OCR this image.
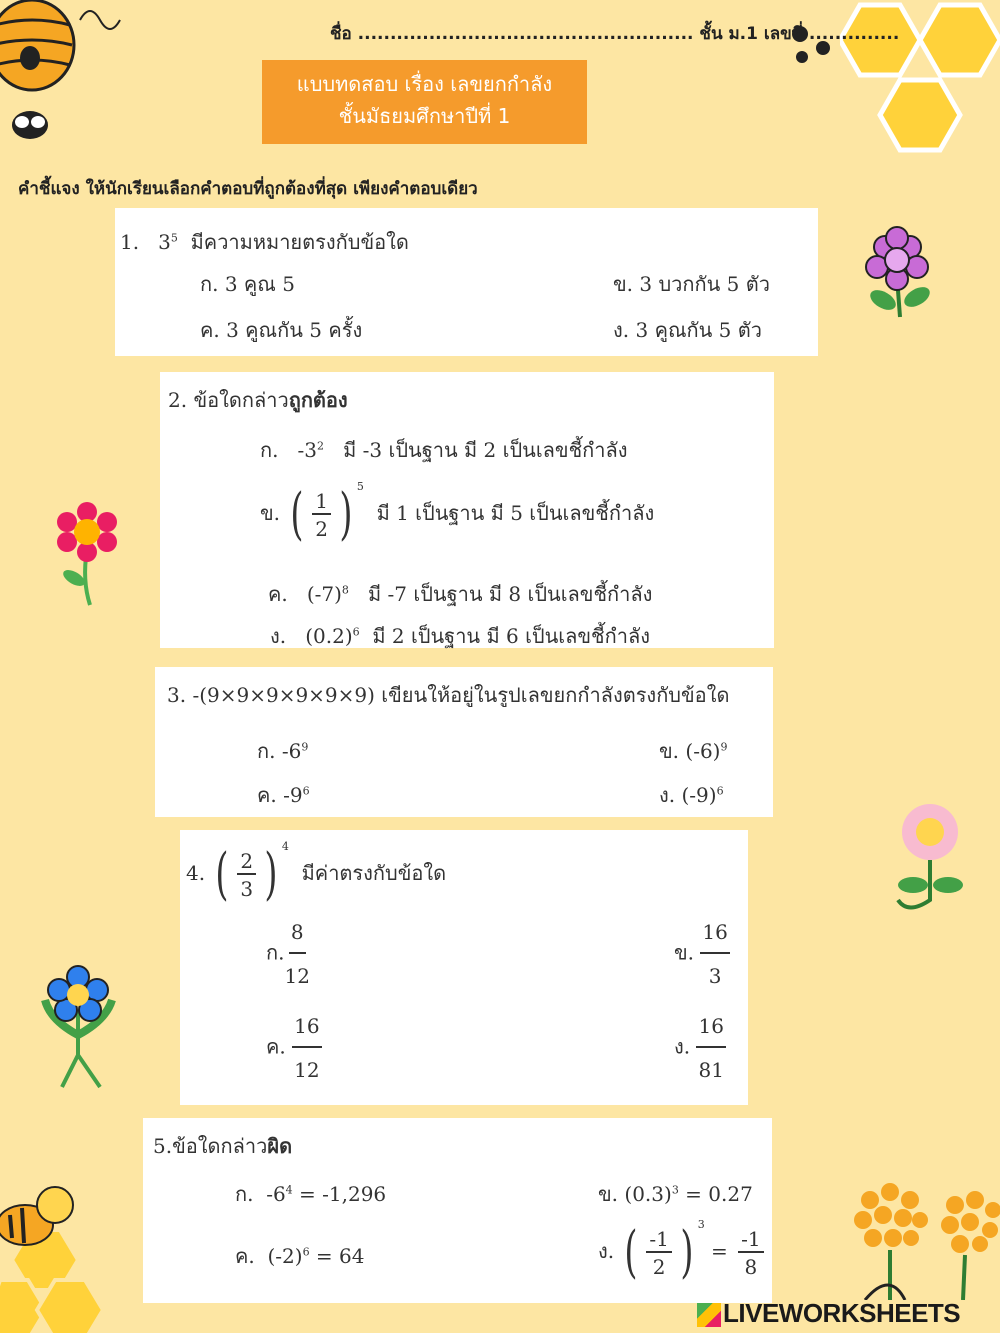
ชื่อ .................................................... ชั้น ม.1 เลขที่ ..............
แบบทดสอบ เรื่อง เลขยกกำลัง
ชั้นมัธยมศึกษาปีที่ 1
คำชี้แจง ให้นักเรียนเลือกคำตอบที่ถูกต้องที่สุด เพียงคำตอบเดียว
1. $3^5$ มีความหมายตรงกับข้อใด
ก. 3 คูณ 5	ข. 3 บวกกัน 5 ตัว
ค. 3 คูณกัน 5 ครั้ง	ง. 3 คูณกัน 5 ตัว
2. ข้อใดกล่าวถูกต้อง
ก. $-3^2$ มี -3 เป็นฐาน มี 2 เป็นเลขชี้กำลัง
ข. ( $\frac{1}{2}$ ) $^5$  มี 1 เป็นฐาน มี 5 เป็นเลขชี้กำลัง
ค. $(-7)^8$ มี -7 เป็นฐาน มี 8 เป็นเลขชี้กำลัง
ง. $(0.2)^6$ มี 2 เป็นฐาน มี 6 เป็นเลขชี้กำลัง
3. -(9×9×9×9×9×9) เขียนให้อยู่ในรูปเลขยกกำลังตรงกับข้อใด
ก. $-6^9$	ข. $(-6)^9$
ค. $-9^6$	ง. $(-9)^6$
4. ( $\frac{2}{3}$ ) $^4$  มีค่าตรงกับข้อใด
ก. $\frac{8}{12}$	ข. $\frac{16}{3}$
ค. $\frac{16}{12}$	ง. $\frac{16}{81}$
5.ข้อใดกล่าวผิด
ก. $-6^4 = -1,296$	ข. $(0.3)^3 = 0.27$
ค. $(-2)^6 = 64$	ง. ( $\frac{-1}{2}$ ) $^3 = \frac{-1}{8}$
LIVEWORKSHEETS
